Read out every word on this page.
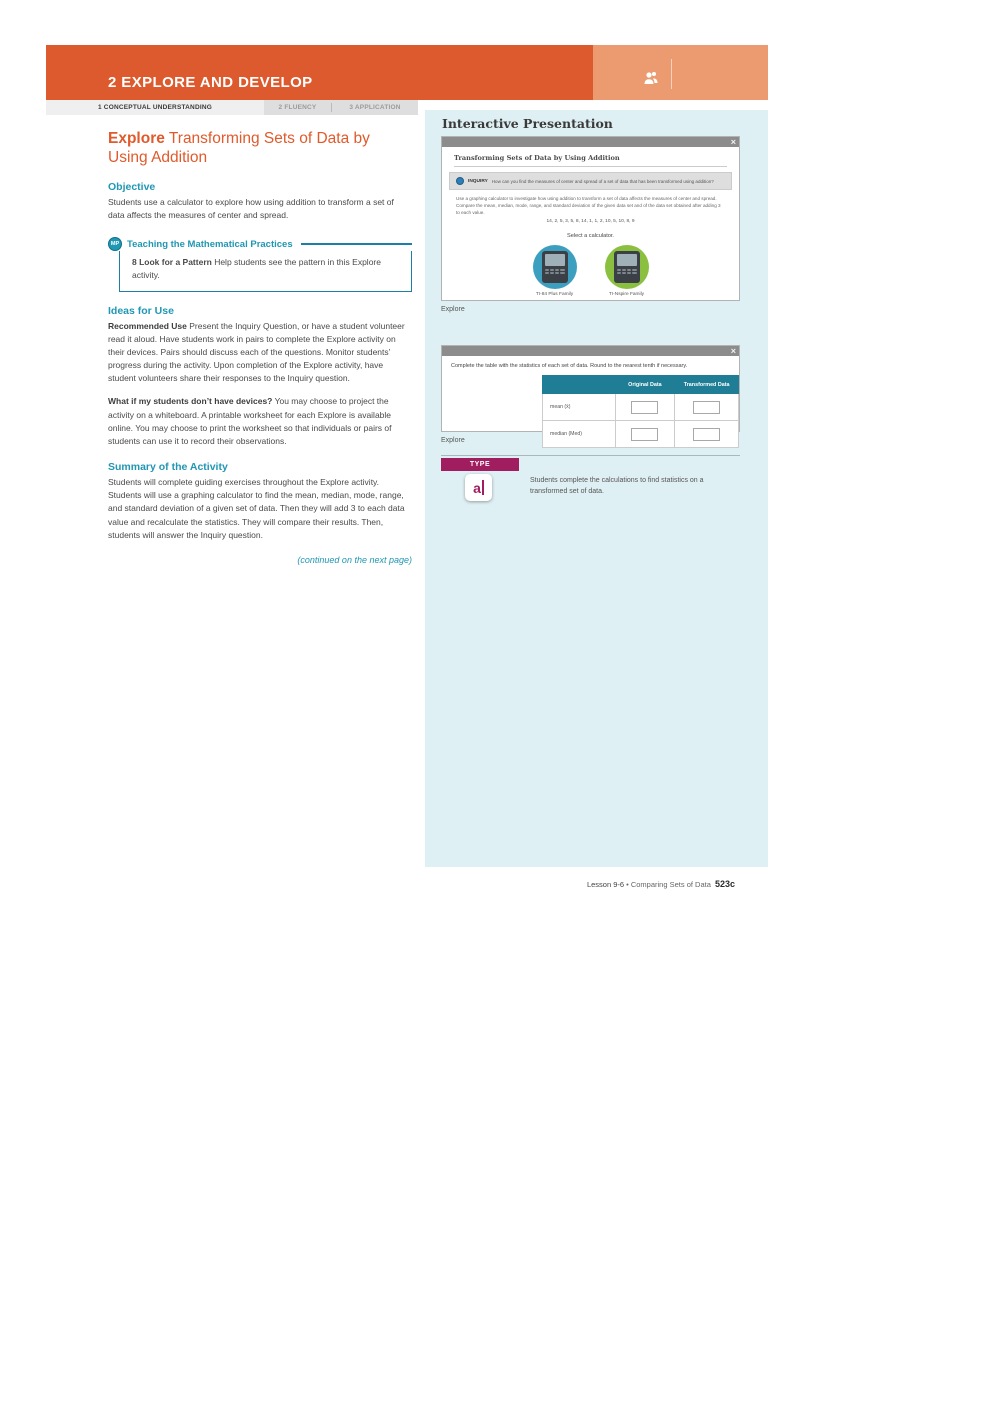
2 EXPLORE AND DEVELOP
1 CONCEPTUAL UNDERSTANDING	2 FLUENCY	3 APPLICATION
Explore Transforming Sets of Data by Using Addition
Objective

Students use a calculator to explore how using addition to transform a set of data affects the measures of center and spread.

MP Teaching the Mathematical Practices
8 Look for a Pattern Help students see the pattern in this Explore activity.
Ideas for Use

Recommended Use Present the Inquiry Question, or have a student volunteer read it aloud. Have students work in pairs to complete the Explore activity on their devices. Pairs should discuss each of the questions. Monitor students’ progress during the activity. Upon completion of the Explore activity, have student volunteers share their responses to the Inquiry question.

What if my students don’t have devices? You may choose to project the activity on a whiteboard. A printable worksheet for each Explore is available online. You may choose to print the worksheet so that individuals or pairs of students can use it to record their observations.

Summary of the Activity

Students will complete guiding exercises throughout the Explore activity. Students will use a graphing calculator to find the mean, median, mode, range, and standard deviation of a given set of data. Then they will add 3 to each data value and recalculate the statistics. They will compare their results. Then, students will answer the Inquiry question.

(continued on the next page)
Interactive Presentation
×
Transforming Sets of Data by Using Addition
INQUIRY How can you find the measures of center and spread of a set of data that has been transformed using addition?

Use a graphing calculator to investigate how using addition to transform a set of data affects the measures of center and spread. Compare the mean, median, mode, range, and standard deviation of the given data set and of the data set obtained after adding 3 to each value.

14, 2, 5, 3, 5, 8, 14, 1, 1, 2, 10, 5, 10, 8, 9
Select a calculator.
TI-84 Plus Family	TI-Nspire Family
Explore
×
Complete the table with the statistics of each set of data. Round to the nearest tenth if necessary.
	Original Data	Transformed Data
mean (x̄)		
median (Med)		
Explore
TYPE
a	Students complete the calculations to find statistics on a transformed set of data.
Lesson 9-6 • Comparing Sets of Data 523c
